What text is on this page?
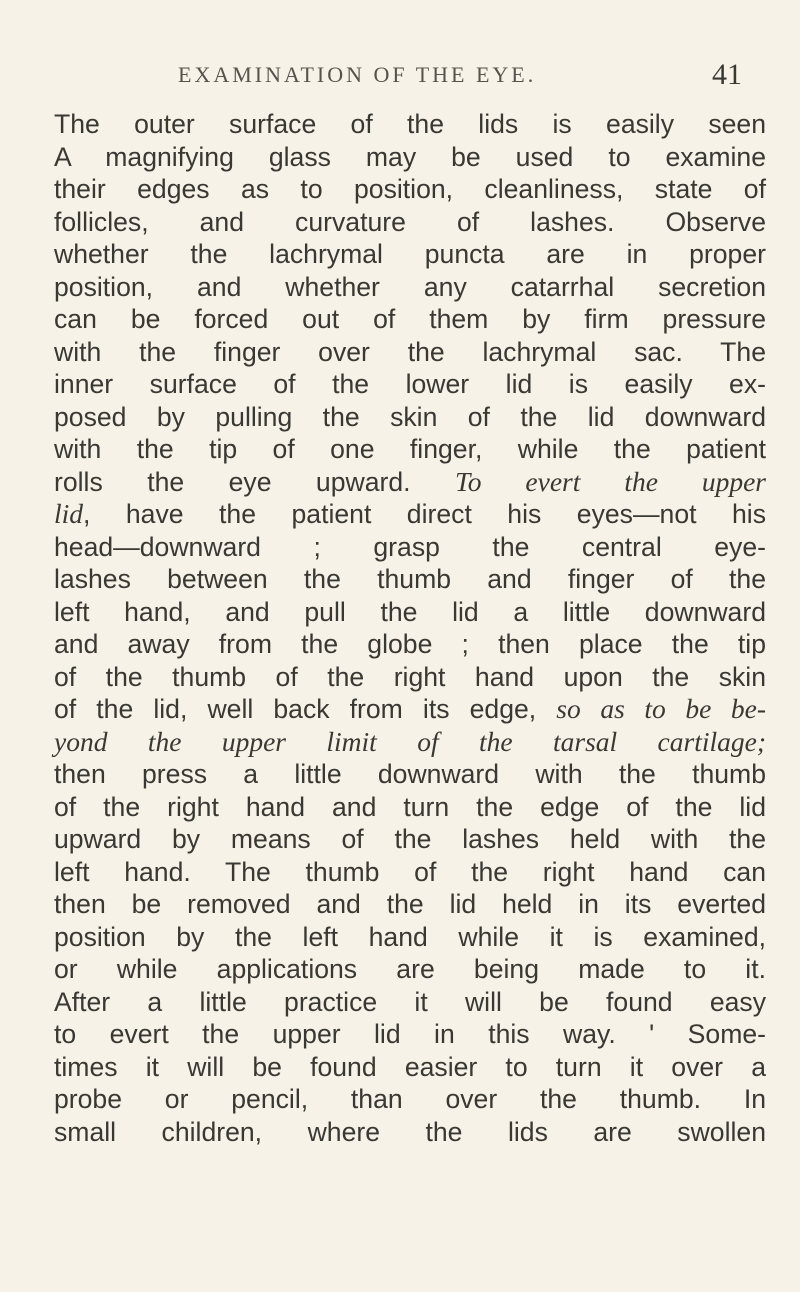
EXAMINATION OF THE EYE.	41
The outer surface of the lids is easily seen
A magnifying glass may be used to examine
their edges as to position, cleanliness, state of
follicles, and curvature of lashes. Observe
whether the lachrymal puncta are in proper
position, and whether any catarrhal secretion
can be forced out of them by firm pressure
with the finger over the lachrymal sac. The
inner surface of the lower lid is easily ex-
posed by pulling the skin of the lid downward
with the tip of one finger, while the patient
rolls the eye upward. To evert the upper
lid, have the patient direct his eyes—not his
head—downward ; grasp the central eye-
lashes between the thumb and finger of the
left hand, and pull the lid a little downward
and away from the globe ; then place the tip
of the thumb of the right hand upon the skin
of the lid, well back from its edge, so as to be be-
yond the upper limit of the tarsal cartilage;
then press a little downward with the thumb
of the right hand and turn the edge of the lid
upward by means of the lashes held with the
left hand. The thumb of the right hand can
then be removed and the lid held in its everted
position by the left hand while it is examined,
or while applications are being made to it.
After a little practice it will be found easy
to evert the upper lid in this way. ' Some-
times it will be found easier to turn it over a
probe or pencil, than over the thumb. In
small children, where the lids are swollen
